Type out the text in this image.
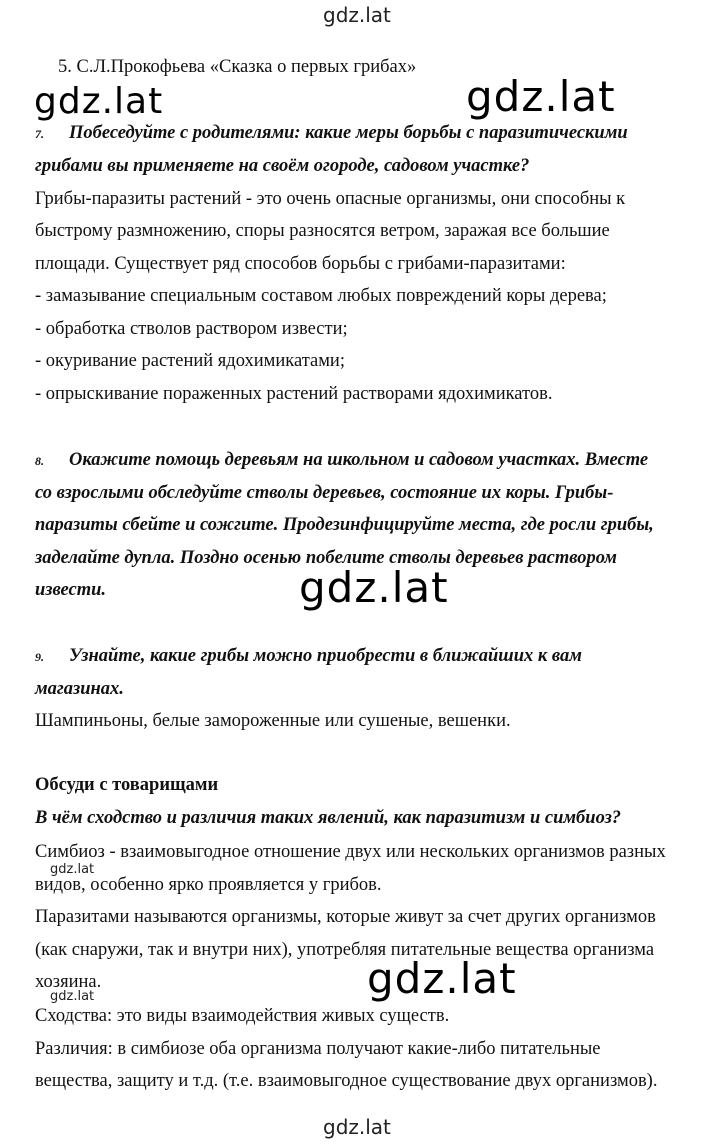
gdz.lat
gdz.lat	gdz.lat
gdz.lat
gdz.lat
gdz.lat
gdz.lat
gdz.lat
5. С.Л.Прокофьева «Сказка о первых грибах»
7. Побеседуйте с родителями: какие меры борьбы с паразитическими
грибами вы применяете на своём огороде, садовом участке?
Грибы-паразиты растений - это очень опасные организмы, они способны к
быстрому размножению, споры разносятся ветром, заражая все большие
площади. Существует ряд способов борьбы с грибами-паразитами:
- замазывание специальным составом любых повреждений коры дерева;
- обработка стволов раствором извести;
- окуривание растений ядохимикатами;
- опрыскивание пораженных растений растворами ядохимикатов.
8. Окажите помощь деревьям на школьном и садовом участках. Вместе
со взрослыми обследуйте стволы деревьев, состояние их коры. Грибы-
паразиты сбейте и сожгите. Продезинфицируйте места, где росли грибы,
заделайте дупла. Поздно осенью побелите стволы деревьев раствором
извести.
9. Узнайте, какие грибы можно приобрести в ближайших к вам
магазинах.
Шампиньоны, белые замороженные или сушеные, вешенки.
Обсуди с товарищами
В чём сходство и различия таких явлений, как паразитизм и симбиоз?
Симбиоз - взаимовыгодное отношение двух или нескольких организмов разных
видов, особенно ярко проявляется у грибов.
Паразитами называются организмы, которые живут за счет других организмов
(как снаружи, так и внутри них), употребляя питательные вещества организма
хозяина.
Сходства: это виды взаимодействия живых существ.
Различия: в симбиозе оба организма получают какие-либо питательные
вещества, защиту и т.д. (т.е. взаимовыгодное существование двух организмов).
